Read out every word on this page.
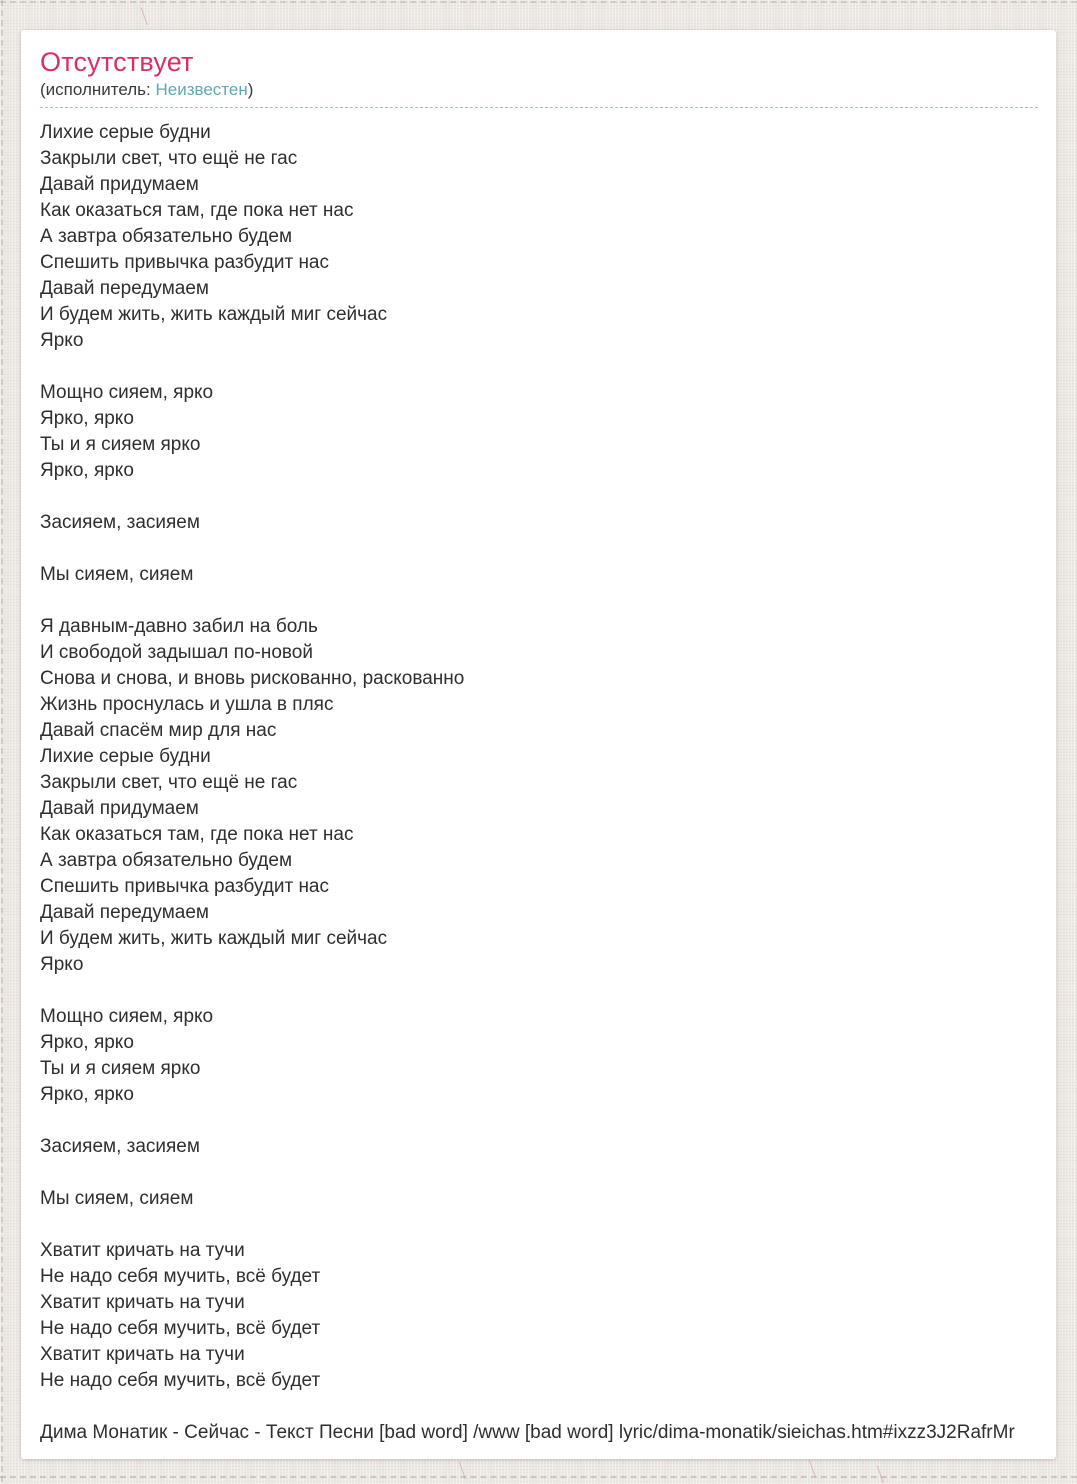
Отсутствует
(исполнитель: Неизвестен)
Лихие серые будни
Закрыли свет, что ещё не гас
Давай придумаем
Как оказаться там, где пока нет нас
А завтра обязательно будем
Спешить привычка разбудит нас
Давай передумаем
И будем жить, жить каждый миг сейчас
Ярко
Мощно сияем, ярко
Ярко, ярко
Ты и я сияем ярко
Ярко, ярко
Засияем, засияем
Мы сияем, сияем
Я давным-давно забил на боль
И свободой задышал по-новой
Снова и снова, и вновь рискованно, раскованно
Жизнь проснулась и ушла в пляс
Давай спасём мир для нас
Лихие серые будни
Закрыли свет, что ещё не гас
Давай придумаем
Как оказаться там, где пока нет нас
А завтра обязательно будем
Спешить привычка разбудит нас
Давай передумаем
И будем жить, жить каждый миг сейчас
Ярко
Мощно сияем, ярко
Ярко, ярко
Ты и я сияем ярко
Ярко, ярко
Засияем, засияем
Мы сияем, сияем
Хватит кричать на тучи
Не надо себя мучить, всё будет
Хватит кричать на тучи
Не надо себя мучить, всё будет
Хватит кричать на тучи
Не надо себя мучить, всё будет
Дима Монатик - Сейчас - Текст Песни [bad word] /www [bad word] lyric/dima-monatik/sieichas.htm#ixzz3J2RafrMr
╲	╲	╲
╲
